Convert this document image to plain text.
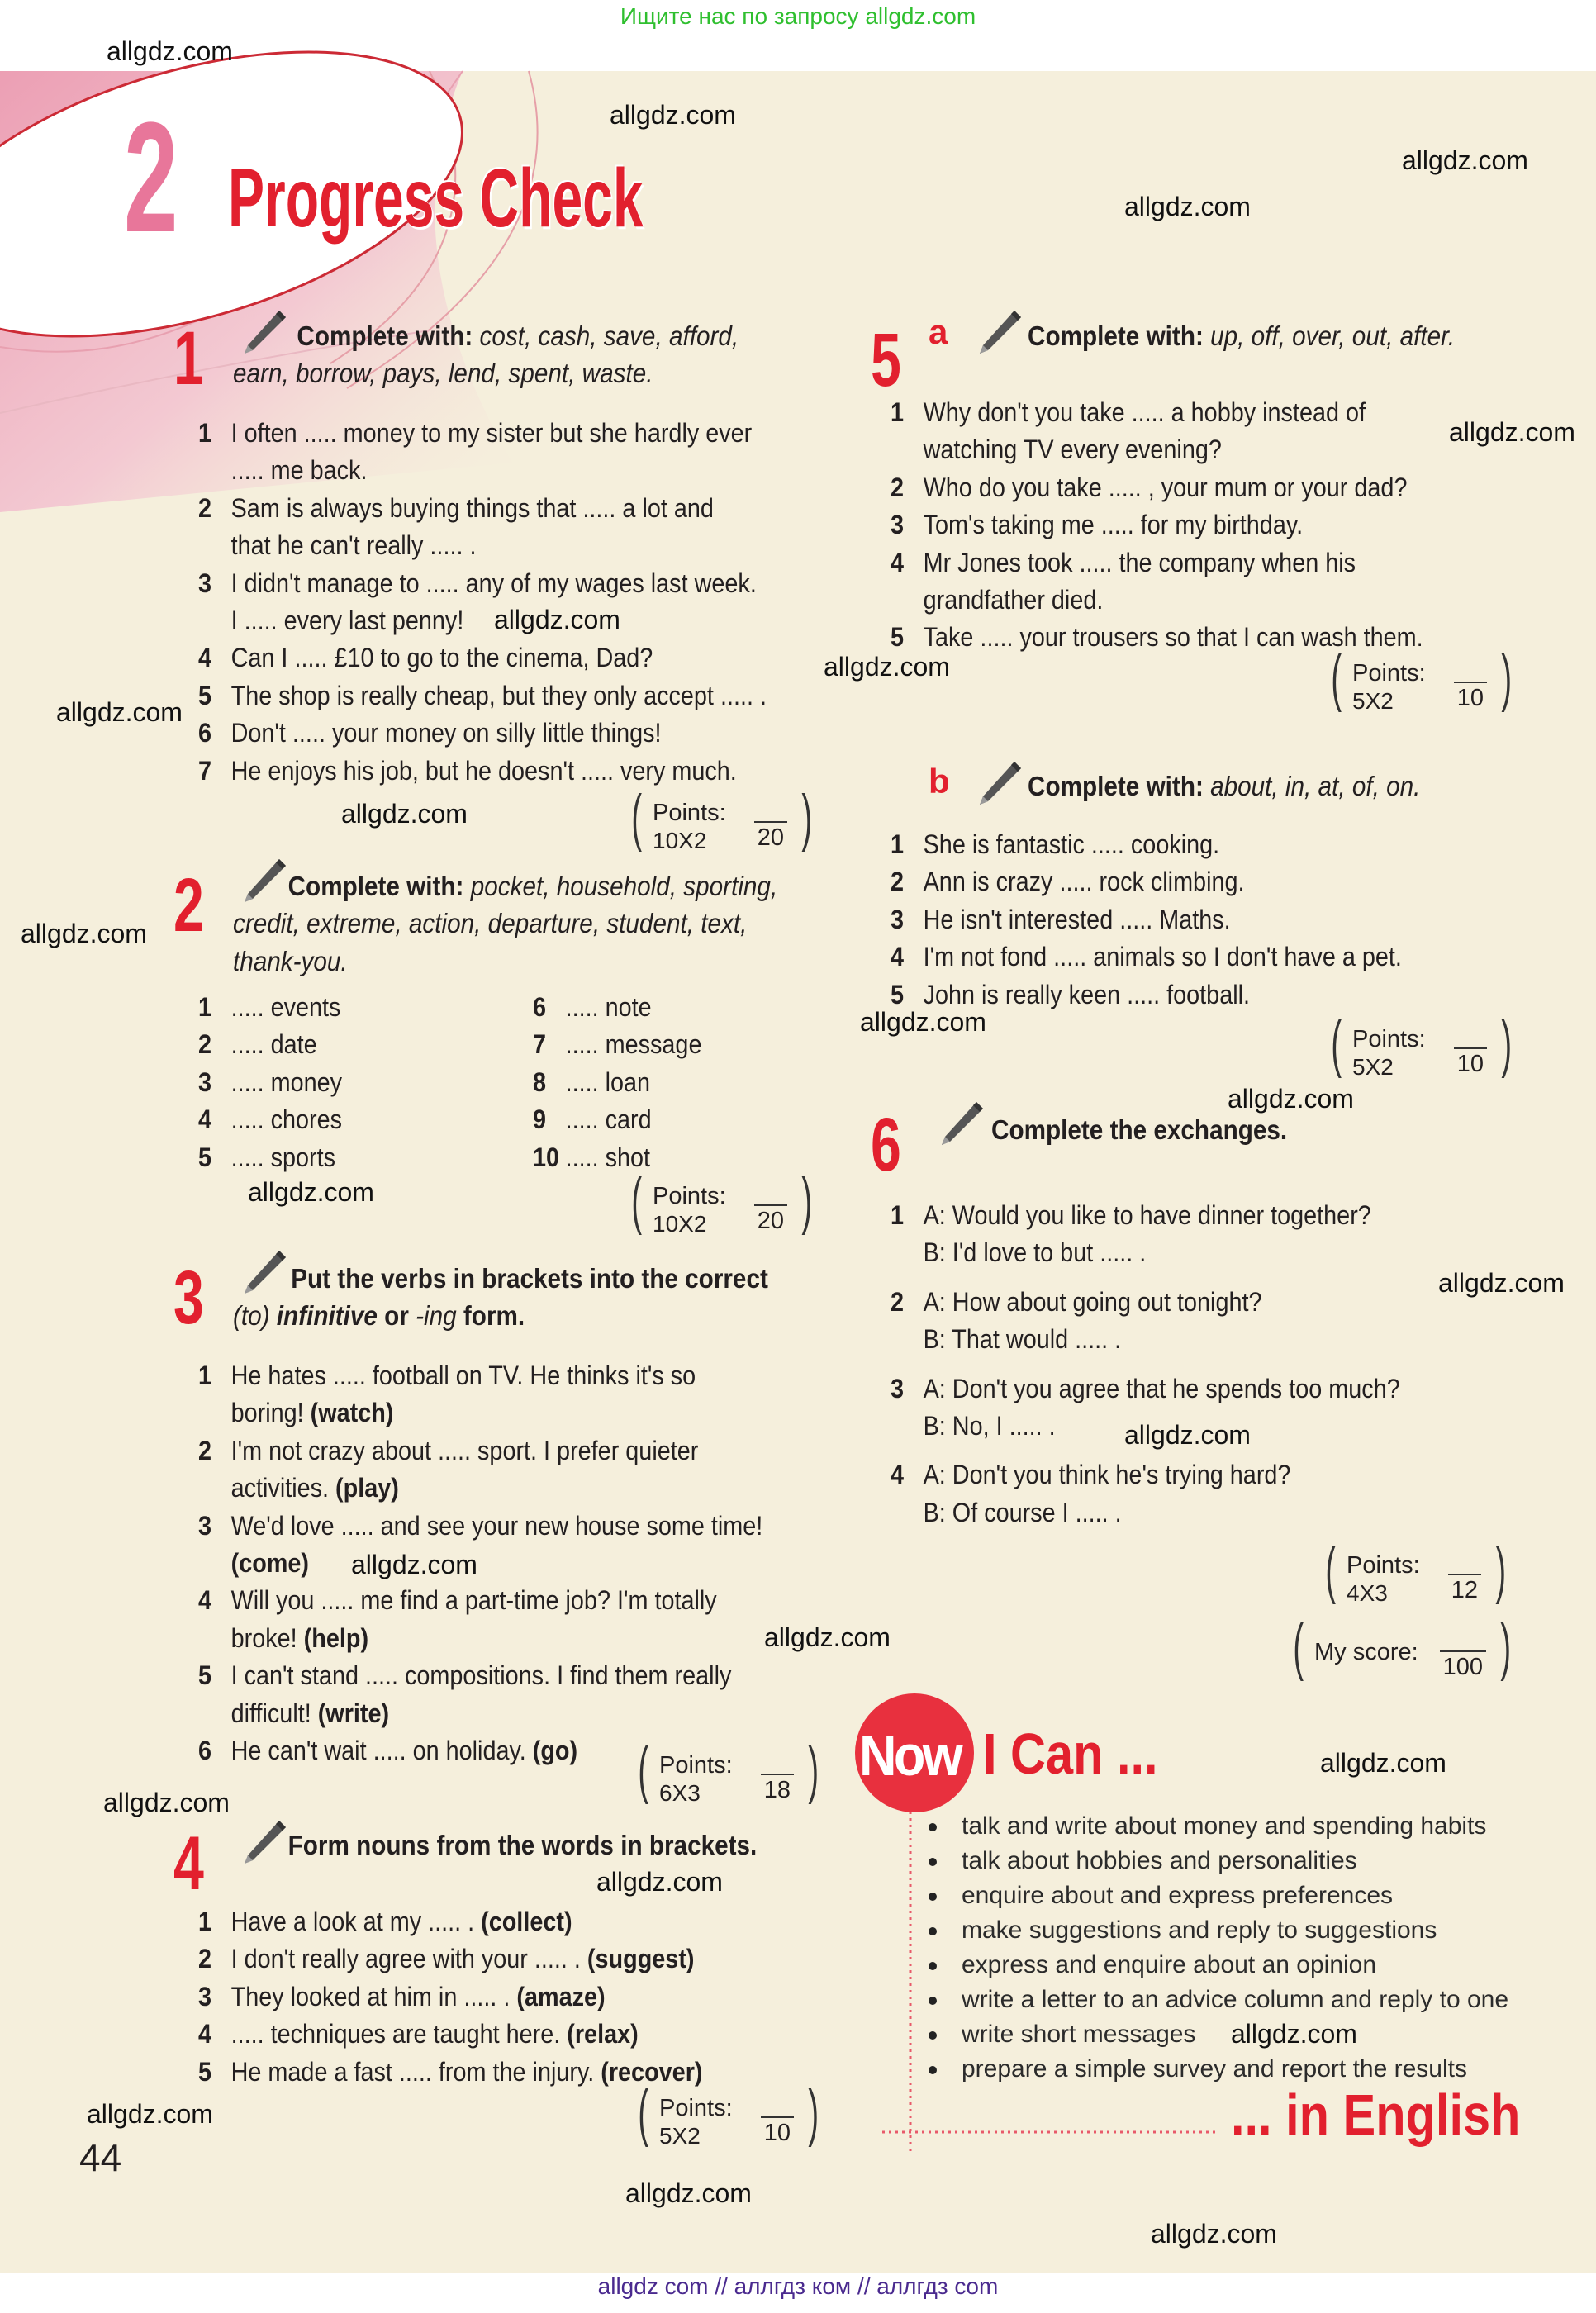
Ищите нас по запросу allgdz.com
2 Progress Check
1	Complete with: cost, cash, save, afford,
earn, borrow, pays, lend, spent, waste.
1 I often ..... money to my sister but she hardly ever
..... me back.
2 Sam is always buying things that ..... a lot and
that he can't really ..... .
3 I didn't manage to ..... any of my wages last week.
I ..... every last penny!
4 Can I ..... £10 to go to the cinema, Dad?
5 The shop is really cheap, but they only accept ..... .
6 Don't ..... your money on silly little things!
7 He enjoys his job, but he doesn't ..... very much.
(	)
Points:
10X2 20
2	Complete with: pocket, household, sporting,
credit, extreme, action, departure, student, text,
thank-you.
1 ..... events
2 ..... date
3 ..... money
4 ..... chores
5 ..... sports
6 ..... note
7 ..... message
8 ..... loan
9 ..... card
10 ..... shot
(	)
Points:
10X2 20
3	Put the verbs in brackets into the correct
(to) infinitive or -ing form.
1 He hates ..... football on TV. He thinks it's so
boring! (watch)
2 I'm not crazy about ..... sport. I prefer quieter
activities. (play)
3 We'd love ..... and see your new house some time!
(come)
4 Will you ..... me find a part-time job? I'm totally
broke! (help)
5 I can't stand ..... compositions. I find them really
difficult! (write)
6 He can't wait ..... on holiday. (go) (	)
Points:
6X3	18
4	Form nouns from the words in brackets.
1 Have a look at my ..... . (collect)
2 I don't really agree with your ..... . (suggest)
3 They looked at him in ..... . (amaze)
4 ..... techniques are taught here. (relax)
5 He made a fast ..... from the injury. (recover)
(	)
Points:
5X2	10
5 a	Complete with: up, off, over, out, after.
1 Why don't you take ..... a hobby instead of
watching TV every evening?
2 Who do you take ..... , your mum or your dad?
3 Tom's taking me ..... for my birthday.
4 Mr Jones took ..... the company when his
grandfather died.
5 Take ..... your trousers so that I can wash them.
(	)
Points:
5X2	10
b	Complete with: about, in, at, of, on.
1 She is fantastic ..... cooking.
2 Ann is crazy ..... rock climbing.
3 He isn't interested ..... Maths.
4 I'm not fond ..... animals so I don't have a pet.
5 John is really keen ..... football.
(	)
Points:
5X2	10
6	Complete the exchanges.
1 A: Would you like to have dinner together?
B: I'd love to but ..... .
2 A: How about going out tonight?
B: That would ..... .
3 A: Don't you agree that he spends too much?
B: No, I ..... .
4 A: Don't you think he's trying hard?
B: Of course I ..... .
(	)
Points:
4X3	12
(	)
My score:
100
Now I Can ...
talk and write about money and spending habits
talk about hobbies and personalities
enquire about and express preferences
make suggestions and reply to suggestions
express and enquire about an opinion
write a letter to an advice column and reply to one
write short messages
prepare a simple survey and report the results
... in English
44
allgdz.com
allgdz.com
allgdz.com
allgdz.com
allgdz.com
allgdz.com
allgdz.com
allgdz.com
allgdz.com
allgdz.com
allgdz.com
allgdz.com
allgdz.com
allgdz.com
allgdz.com
allgdz.com
allgdz.com
allgdz.com
allgdz.com
allgdz.com
allgdz.com
allgdz.com
allgdz.com
allgdz.com
allgdz com // аллгдз ком // аллгдз com
